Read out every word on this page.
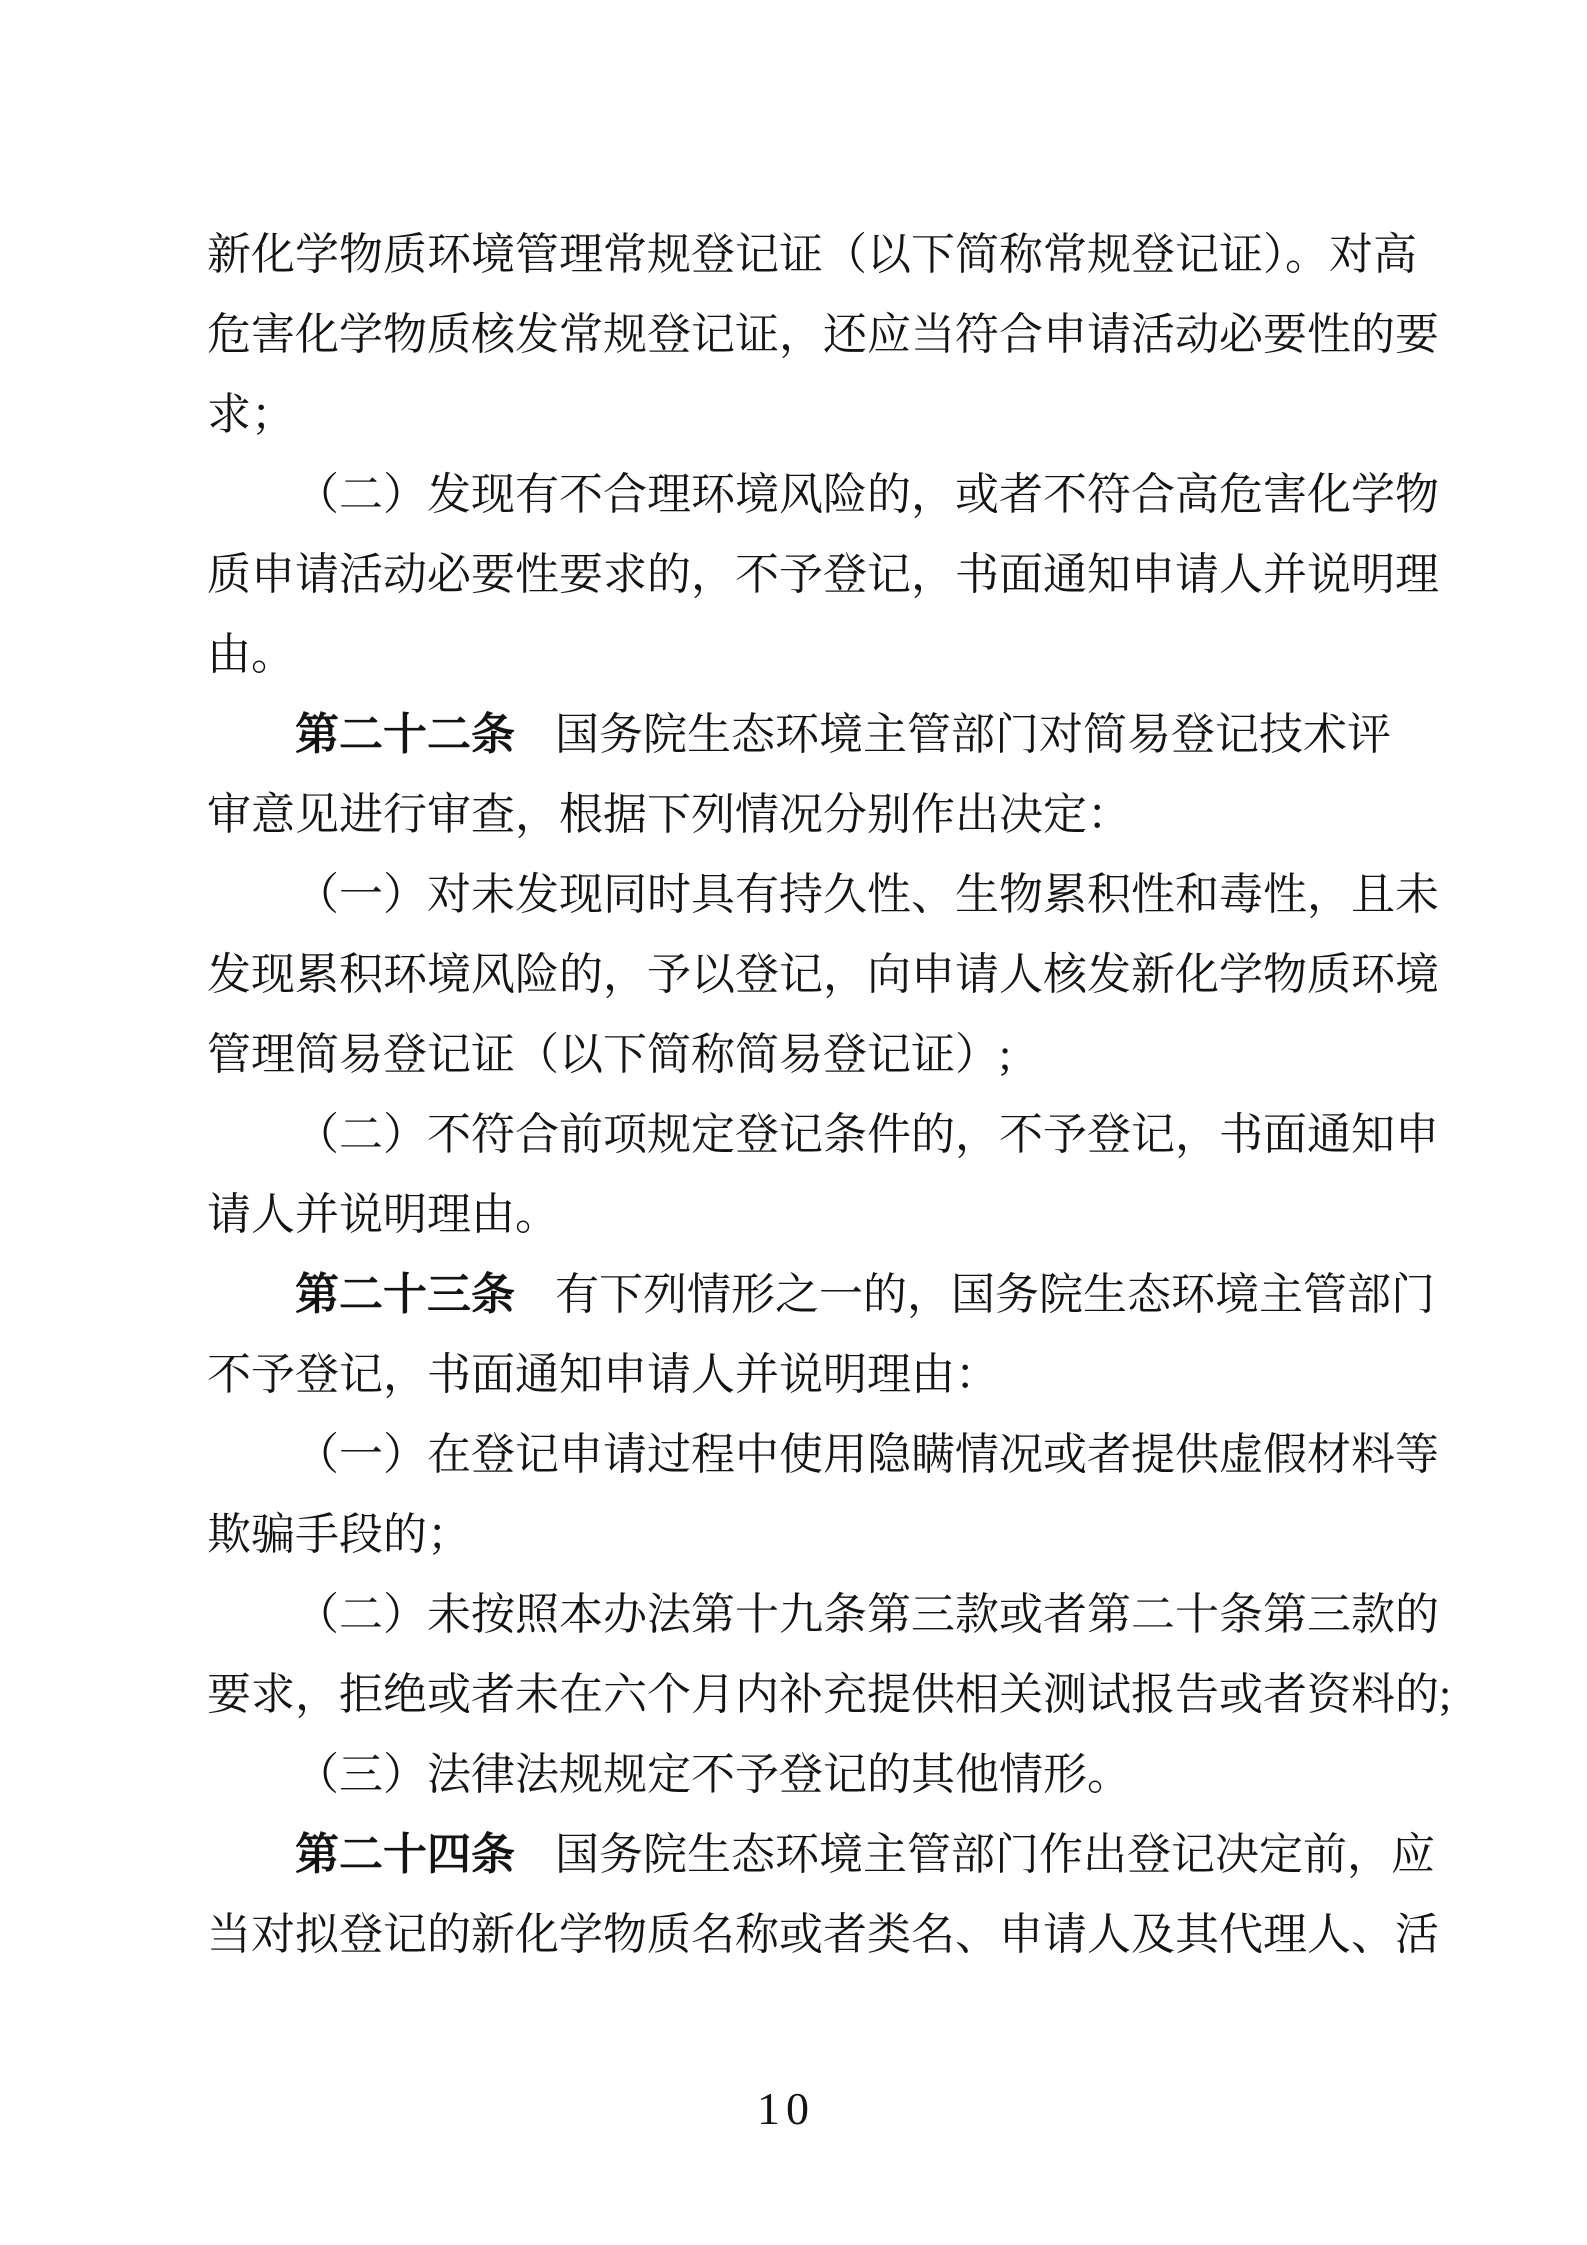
新化学物质环境管理常规登记证（以下简称常规登记证）。对高
危害化学物质核发常规登记证，还应当符合申请活动必要性的要
求；
（二）发现有不合理环境风险的，或者不符合高危害化学物
质申请活动必要性要求的，不予登记，书面通知申请人并说明理
由。
第二十二条 国务院生态环境主管部门对简易登记技术评
审意见进行审查，根据下列情况分别作出决定：
（一）对未发现同时具有持久性、生物累积性和毒性，且未
发现累积环境风险的，予以登记，向申请人核发新化学物质环境
管理简易登记证（以下简称简易登记证）;
（二）不符合前项规定登记条件的，不予登记，书面通知申
请人并说明理由。
第二十三条 有下列情形之一的，国务院生态环境主管部门
不予登记，书面通知申请人并说明理由：
（一）在登记申请过程中使用隐瞒情况或者提供虚假材料等
欺骗手段的；
（二）未按照本办法第十九条第三款或者第二十条第三款的
要求，拒绝或者未在六个月内补充提供相关测试报告或者资料的;
（三）法律法规规定不予登记的其他情形。
第二十四条 国务院生态环境主管部门作出登记决定前，应
当对拟登记的新化学物质名称或者类名、申请人及其代理人、活
10
